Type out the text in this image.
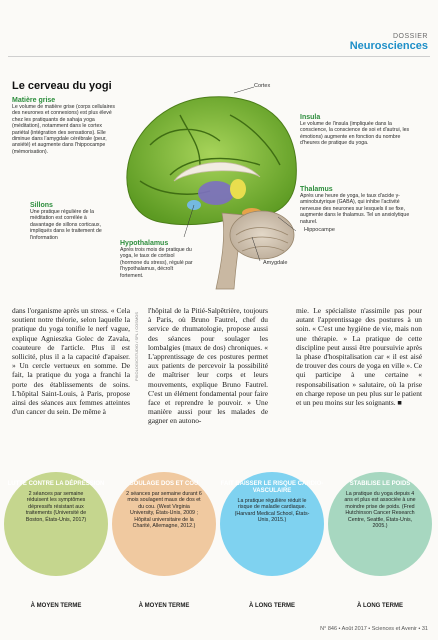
DOSSIER
Neurosciences
Le cerveau du yogi	Cortex
Hippocampe
Amygdale
Matière grise
Le volume de matière grise (corps cellulaires des neurones et connexions) est plus élevé chez les pratiquants de sahaja yoga (méditation), notamment dans le cortex pariétal (intégration des sensations). Elle diminue dans l'amygdale cérébrale (peur, anxiété) et augmente dans l'hippocampe (mémorisation).
Sillons
Une pratique régulière de la méditation est corrélée à davantage de sillons corticaux, impliqués dans le traitement de l'information
Hypothalamus
Après trois mois de pratique du yoga, le taux de cortisol (hormone du stress), régulé par l'hypothalamus, décroît fortement.
Insula
Le volume de l'insula (impliquée dans la conscience, la conscience de soi et d'autrui, les émotions) augmente en fonction du nombre d'heures de pratique du yoga.
Thalamus
Après une heure de yoga, le taux d'acide γ-aminobutyrique (GABA), qui inhibe l'activité nerveuse des neurones sur lesquels il se fixe, augmente dans le thalamus. Tel un anxiolytique naturel.
PIXOLOGICSTUDIO / SPL / COSMOS
dans l'organisme après un stress. « Cela soutient notre théorie, selon laquelle la pratique du yoga tonifie le nerf vague, explique Agnieszka Golec de Zavala, coauteure de l'article. Plus il est sollicité, plus il a la capacité d'apaiser. » Un cercle vertueux en somme. De fait, la pratique du yoga a franchi la porte des établissements de soins. L'hôpital Saint-Louis, à Paris, propose ainsi des séances aux femmes atteintes d'un cancer du sein. De même à
l'hôpital de la Pitié-Salpêtrière, toujours à Paris, où Bruno Fautrel, chef du service de rhumatologie, propose aussi des séances pour soulager les lombalgies (maux de dos) chroniques. « L'apprentissage de ces postures permet aux patients de percevoir la possibilité de maîtriser leur corps et leurs mouvements, explique Bruno Fautrel. C'est un élément fondamental pour faire face et reprendre le pouvoir. » Une manière aussi pour les malades de gagner en autono-
mie. Le spécialiste n'assimile pas pour autant l'apprentissage des postures à un soin. « C'est une hygiène de vie, mais non une thérapie. » La pratique de cette discipline peut aussi être poursuivie après la phase d'hospitalisation car « il est aisé de trouver des cours de yoga en ville ». Ce qui participe à une certaine « responsabilisation » salutaire, où la prise en charge repose un peu plus sur le patient et un peu moins sur les soignants. ■
LUTTE CONTRE LA DÉPRESSION
2 séances par semaine réduisent les symptômes dépressifs résistant aux traitements (Université de Boston, États-Unis, 2017)
SOULAGE DOS ET COU
2 séances par semaine durant 6 mois soulagent maux de dos et du cou. (West Virginia University, États-Unis, 2009 ; Hôpital universitaire de la Charité, Allemagne, 2012.)
FAIT BAISSER LE RISQUE CARDIO-VASCULAIRE
La pratique régulière réduit le risque de maladie cardiaque. (Harvard Medical School, États-Unis, 2015.)
STABILISE LE POIDS
La pratique du yoga depuis 4 ans et plus est associée à une moindre prise de poids. (Fred Hutchinson Cancer Research Centre, Seattle, États-Unis, 2005.)
À MOYEN TERME	À MOYEN TERME	À LONG TERME	À LONG TERME
N° 846 • Août 2017 • Sciences et Avenir • 31
